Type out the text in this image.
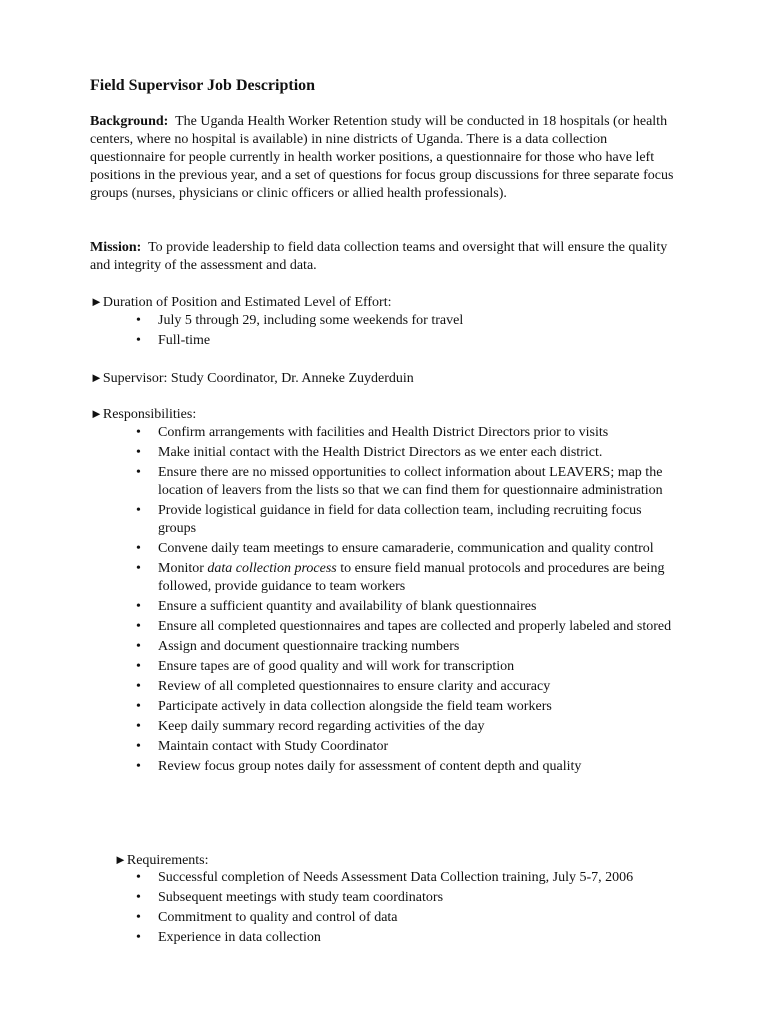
Field Supervisor Job Description

Background: The Uganda Health Worker Retention study will be conducted in 18 hospitals (or health centers, where no hospital is available) in nine districts of Uganda. There is a data collection questionnaire for people currently in health worker positions, a questionnaire for those who have left positions in the previous year, and a set of questions for focus group discussions for three separate focus groups (nurses, physicians or clinic officers or allied health professionals).

Mission: To provide leadership to field data collection teams and oversight that will ensure the quality and integrity of the assessment and data.

►Duration of Position and Estimated Level of Effort:

• July 5 through 29, including some weekends for travel
• Full-time

►Supervisor: Study Coordinator, Dr. Anneke Zuyderduin

►Responsibilities:

• Confirm arrangements with facilities and Health District Directors prior to visits
• Make initial contact with the Health District Directors as we enter each district.
• Ensure there are no missed opportunities to collect information about LEAVERS; map the location of leavers from the lists so that we can find them for questionnaire administration
• Provide logistical guidance in field for data collection team, including recruiting focus groups
• Convene daily team meetings to ensure camaraderie, communication and quality control
• Monitor data collection process to ensure field manual protocols and procedures are being followed, provide guidance to team workers
• Ensure a sufficient quantity and availability of blank questionnaires
• Ensure all completed questionnaires and tapes are collected and properly labeled and stored
• Assign and document questionnaire tracking numbers
• Ensure tapes are of good quality and will work for transcription
• Review of all completed questionnaires to ensure clarity and accuracy
• Participate actively in data collection alongside the field team workers
• Keep daily summary record regarding activities of the day
• Maintain contact with Study Coordinator
• Review focus group notes daily for assessment of content depth and quality

►Requirements:

• Successful completion of Needs Assessment Data Collection training, July 5-7, 2006
• Subsequent meetings with study team coordinators
• Commitment to quality and control of data
• Experience in data collection
